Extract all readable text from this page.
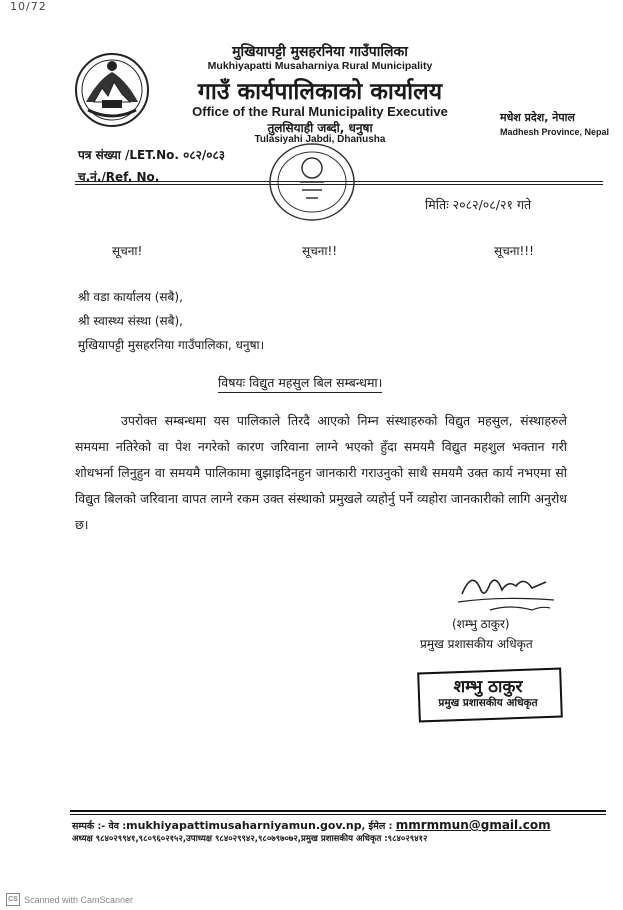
10/72
मुखियापट्टी मुसहरनिया गाउँपालिका
Mukhiyapatti Musaharniya Rural Municipality
गाउँ कार्यपालिकाको कार्यालय
Office of the Rural Municipality Executive
तुलसियाही जब्दी, धनुषा
Tulasiyahi Jabdi, Dhanusha
मधेश प्रदेश, नेपाल
Madhesh Province, Nepal
पत्र संख्या /LET.No. ०८२/०८३
च.नं./Ref. No.
मितिः २०८२/०८/२१ गते
सूचना!	सूचना!!	सूचना!!!
श्री वडा कार्यालय (सबै),
श्री स्वास्थ्य संस्था (सबै),
मुखियापट्टी मुसहरनिया गाउँपालिका, धनुषा।
विषयः विद्युत महसुल बिल सम्बन्धमा।
उपरोक्त सम्बन्धमा यस पालिकाले तिरदै आएको निम्न संस्थाहरुको विद्युत महसुल, संस्थाहरुले समयमा नतिरेको वा पेश नगरेको कारण जरिवाना लाग्ने भएको हुँदा समयमै विद्युत महशुल भक्तान गरी शोधभर्ना लिनुहुन वा समयमै पालिकामा बुझाइदिनहुन जानकारी गराउनुको साथै समयमै उक्त कार्य नभएमा सो विद्युत बिलको जरिवाना वापत लाग्ने रकम उक्त संस्थाको प्रमुखले व्यहोर्नु पर्ने व्यहोरा जानकारीको लागि अनुरोध छ।
(शम्भु ठाकुर)
प्रमुख प्रशासकीय अधिकृत
शम्भु ठाकुर
प्रमुख प्रशासकीय अधिकृत
सम्पर्क :- वेव :mukhiyapattimusaharniyamun.gov.np, ईमेल : mmrmmun@gmail.com
अध्यक्ष ९८४०२९९४१,९८०९६०२१५२,उपाध्यक्ष ९८४०२९९४२,९८०७९७०७२,प्रमुख प्रशासकीय अधिकृत :९८४०२९४१२
CS Scanned with CamScanner
